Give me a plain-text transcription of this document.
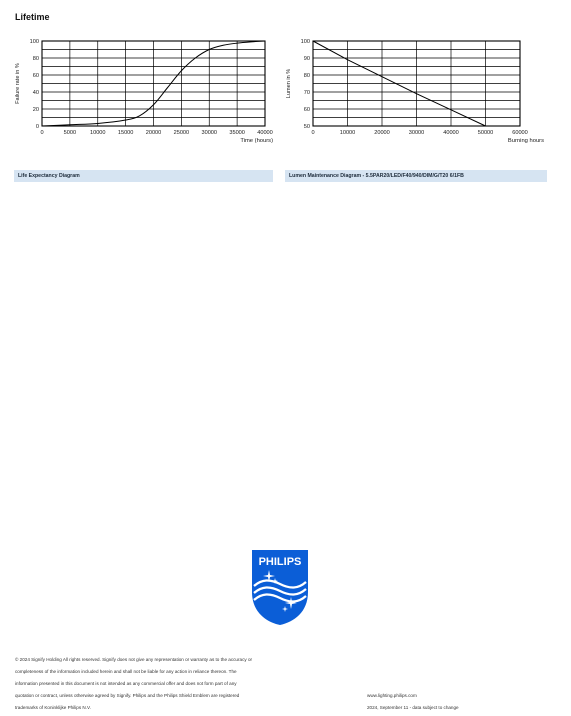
Lifetime
0
20
40
60
80
100
0	5000 10000 15000 20000 25000 30000 35000 40000
Time (hours)
Failure rate in %
50
60
70
80
90
100
0	10000	20000	30000	40000	50000	60000
Burning hours
Lumen in %
Life Expectancy Diagram	Lumen Maintenance Diagram - 5.5PAR20/LED/F40/940/DIM/G/T20 6/1FB
PHILIPS
© 2024 Signify Holding All rights reserved. Signify does not give any representation or warranty as to the accuracy or
completeness of the information included herein and shall not be liable for any action in reliance thereon. The
information presented in this document is not intended as any commercial offer and does not form part of any
quotation or contract, unless otherwise agreed by Signify. Philips and the Philips Shield Emblem are registered
trademarks of Koninklijke Philips N.V.
www.lighting.philips.com
2024, September 11 - data subject to change
